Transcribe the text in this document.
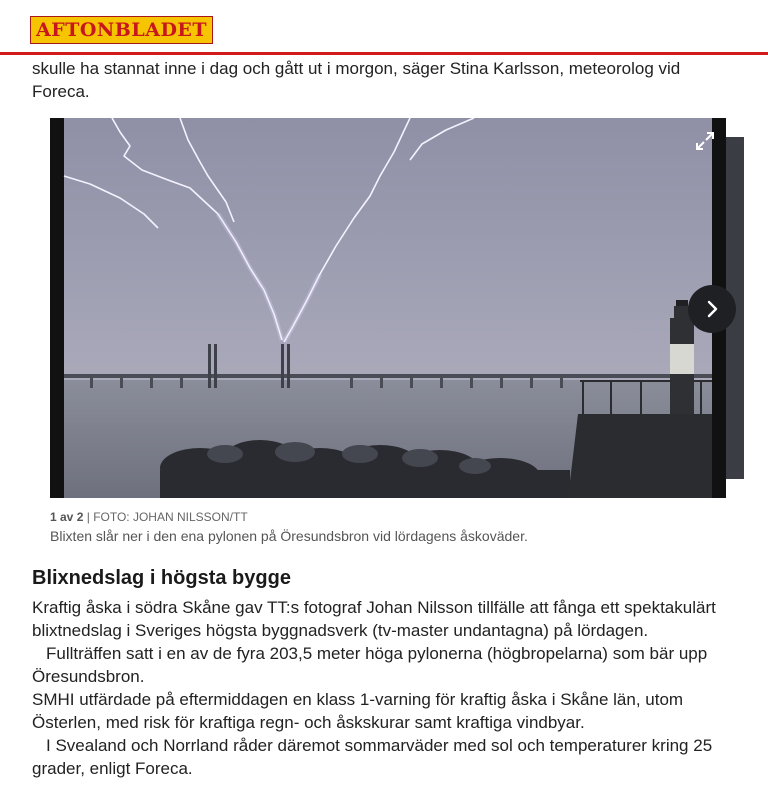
AFTONBLADET

skulle ha stannat inne i dag och gått ut i morgon, säger Stina Karlsson, meteorolog vid Foreca.

1 av 2 | FOTO: JOHAN NILSSON/TT

Blixten slår ner i den ena pylonen på Öresundsbron vid lördagens åskoväder.

Blixnedslag i högsta bygge

Kraftig åska i södra Skåne gav TT:s fotograf Johan Nilsson tillfälle att fånga ett spektakulärt blixtnedslag i Sveriges högsta byggnadsverk (tv-master undantagna) på lördagen.

Fullträffen satt i en av de fyra 203,5 meter höga pylonerna (högbropelarna) som bär upp Öresundsbron.

SMHI utfärdade på eftermiddagen en klass 1-varning för kraftig åska i Skåne län, utom Österlen, med risk för kraftiga regn- och åskskurar samt kraftiga vindbyar.

I Svealand och Norrland råder däremot sommarväder med sol och temperaturer kring 25 grader, enligt Foreca.
